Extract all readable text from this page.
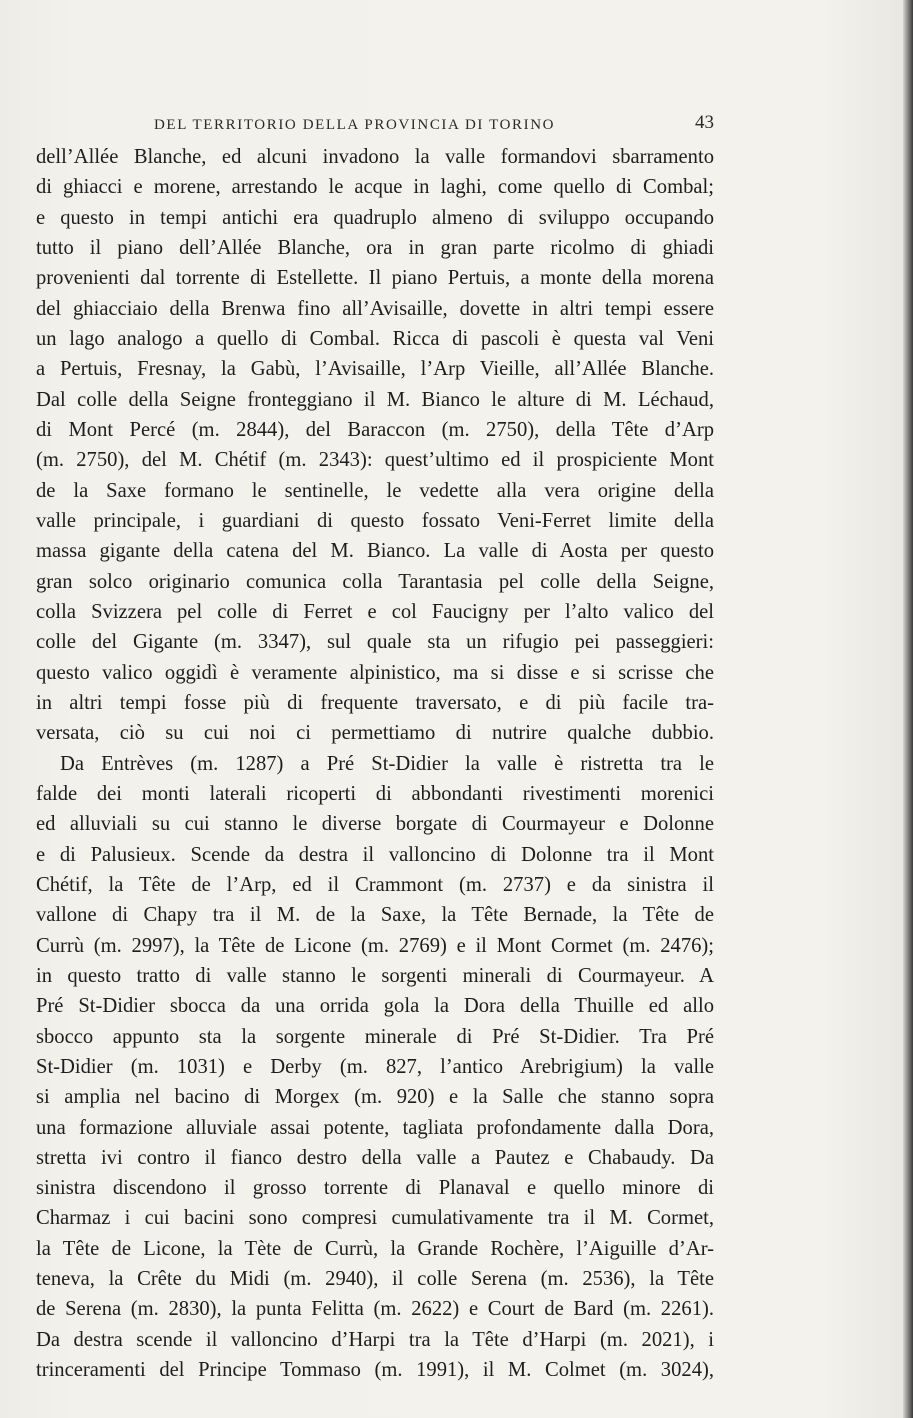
DEL TERRITORIO DELLA PROVINCIA DI TORINO	43
dell’Allée Blanche, ed alcuni invadono la valle formandovi sbarramento
di ghiacci e morene, arrestando le acque in laghi, come quello di Combal;
e questo in tempi antichi era quadruplo almeno di sviluppo occupando
tutto il piano dell’Allée Blanche, ora in gran parte ricolmo di ghiadi
provenienti dal torrente di Estellette. Il piano Pertuis, a monte della morena
del ghiacciaio della Brenwa fino all’Avisaille, dovette in altri tempi essere
un lago analogo a quello di Combal. Ricca di pascoli è questa val Veni
a Pertuis, Fresnay, la Gabù, l’Avisaille, l’Arp Vieille, all’Allée Blanche.
Dal colle della Seigne fronteggiano il M. Bianco le alture di M. Léchaud,
di Mont Percé (m. 2844), del Baraccon (m. 2750), della Tête d’Arp
(m. 2750), del M. Chétif (m. 2343): quest’ultimo ed il prospiciente Mont
de la Saxe formano le sentinelle, le vedette alla vera origine della
valle principale, i guardiani di questo fossato Veni-Ferret limite della
massa gigante della catena del M. Bianco. La valle di Aosta per questo
gran solco originario comunica colla Tarantasia pel colle della Seigne,
colla Svizzera pel colle di Ferret e col Faucigny per l’alto valico del
colle del Gigante (m. 3347), sul quale sta un rifugio pei passeggieri:
questo valico oggidì è veramente alpinistico, ma si disse e si scrisse che
in altri tempi fosse più di frequente traversato, e di più facile tra-
versata, ciò su cui noi ci permettiamo di nutrire qualche dubbio.
Da Entrèves (m. 1287) a Pré St-Didier la valle è ristretta tra le
falde dei monti laterali ricoperti di abbondanti rivestimenti morenici
ed alluviali su cui stanno le diverse borgate di Courmayeur e Dolonne
e di Palusieux. Scende da destra il valloncino di Dolonne tra il Mont
Chétif, la Tête de l’Arp, ed il Crammont (m. 2737) e da sinistra il
vallone di Chapy tra il M. de la Saxe, la Tête Bernade, la Tête de
Currù (m. 2997), la Tête de Licone (m. 2769) e il Mont Cormet (m. 2476);
in questo tratto di valle stanno le sorgenti minerali di Courmayeur. A
Pré St-Didier sbocca da una orrida gola la Dora della Thuille ed allo
sbocco appunto sta la sorgente minerale di Pré St-Didier. Tra Pré
St-Didier (m. 1031) e Derby (m. 827, l’antico Arebrigium) la valle
si amplia nel bacino di Morgex (m. 920) e la Salle che stanno sopra
una formazione alluviale assai potente, tagliata profondamente dalla Dora,
stretta ivi contro il fianco destro della valle a Pautez e Chabaudy. Da
sinistra discendono il grosso torrente di Planaval e quello minore di
Charmaz i cui bacini sono compresi cumulativamente tra il M. Cormet,
la Tête de Licone, la Tète de Currù, la Grande Rochère, l’Aiguille d’Ar-
teneva, la Crête du Midi (m. 2940), il colle Serena (m. 2536), la Tête
de Serena (m. 2830), la punta Felitta (m. 2622) e Court de Bard (m. 2261).
Da destra scende il valloncino d’Harpi tra la Tête d’Harpi (m. 2021), i
trinceramenti del Principe Tommaso (m. 1991), il M. Colmet (m. 3024),
